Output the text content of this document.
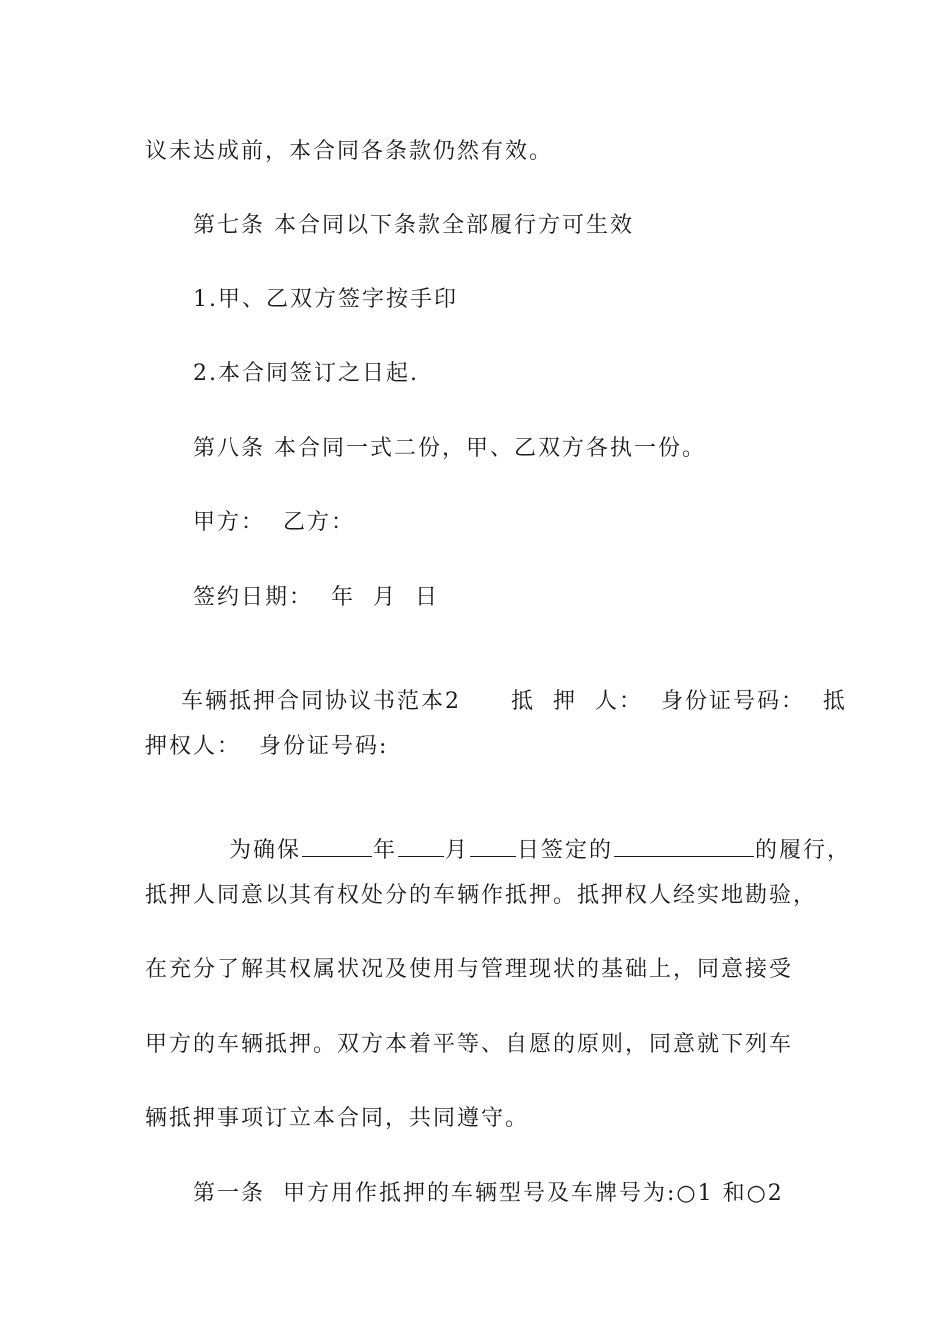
议未达成前，本合同各条款仍然有效。
第七条 本合同以下条款全部履行方可生效
1.甲、乙双方签字按手印
2.本合同签订之日起.
第八条 本合同一式二份，甲、乙双方各执一份。
甲方：  乙方：
签约日期：  年  月  日

车辆抵押合同协议书范本2 抵  押  人：  身份证号码：  抵

押权人：  身份证号码:

为确保	年 月 日签定的	的履行，

抵押人同意以其有权处分的车辆作抵押。抵押权人经实地勘验，
在充分了解其权属状况及使用与管理现状的基础上，同意接受
甲方的车辆抵押。双方本着平等、自愿的原则，同意就下列车
辆抵押事项订立本合同，共同遵守。
第一条  甲方用作抵押的车辆型号及车牌号为:○1 和○2
